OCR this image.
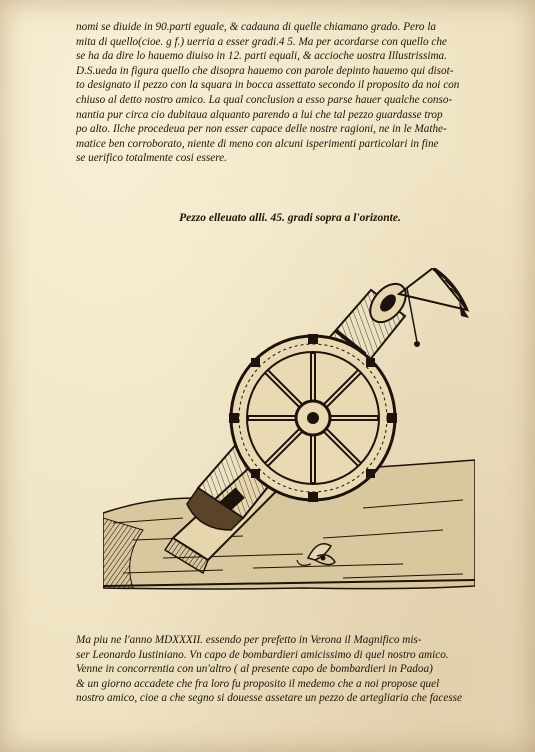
nomi se diuide in 90.parti eguale, & cadauna di quelle chiamano grado. Pero la
mita di quello(cioe. g f.) uerria a esser gradi.4 5. Ma per acordarse con quello che
se ha da dire lo hauemo diuiso in 12. parti equali, & accioche uostra Illustrissima.
D.S.ueda in figura quello che disopra hauemo con parole depinto hauemo qui disot-
to designato il pezzo con la squara in bocca assettato secondo il proposito da noi con
chiuso al detto nostro amico. La qual conclusion a esso parse hauer qualche conso-
nantia pur circa cio dubitaua alquanto parendo a lui che tal pezzo guardasse trop
po alto. Ilche procedeua per non esser capace delle nostre ragioni, ne in le Mathe-
matice ben corroborato, niente di meno con alcuni isperimenti particolari in fine
se uerifico totalmente cosi essere.
Pezzo elleuato alli. 45. gradi sopra a l'orizonte.
Ma piu ne l'anno MDXXXII. essendo per prefetto in Verona il Magnifico mis-
ser Leonardo Iustiniano. Vn capo de bombardieri amicissimo di quel nostro amico.
Venne in concorrentia con un'altro ( al presente capo de bombardieri in Padoa)
& un giorno accadete che fra loro fu proposito il medemo che a noi propose quel
nostro amico, cioe a che segno si douesse assetare un pezzo de artegliaria che facesse
